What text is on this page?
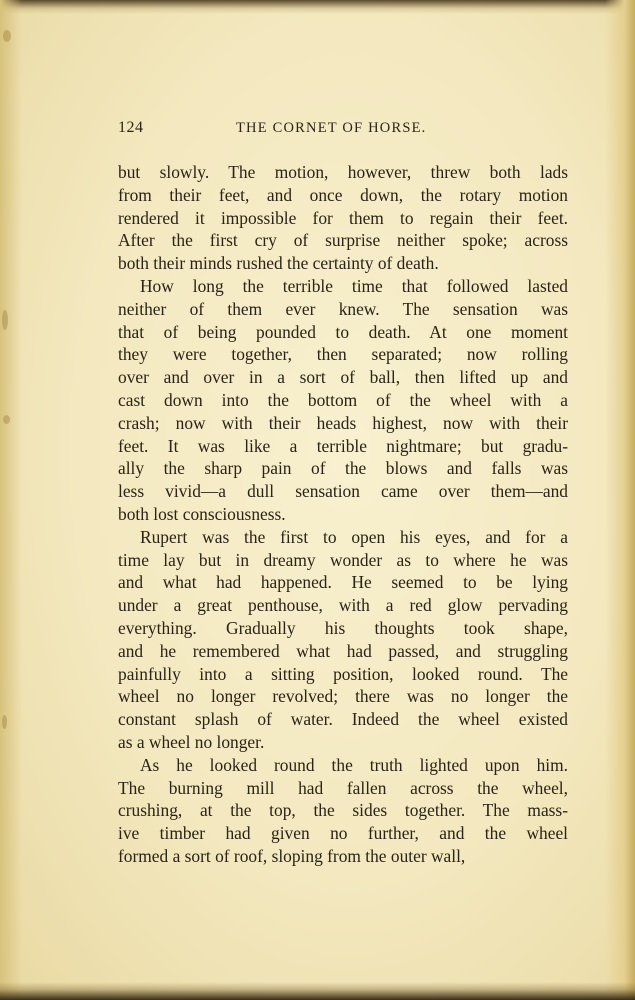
124	THE CORNET OF HORSE.
but slowly. The motion, however, threw both lads
from their feet, and once down, the rotary motion
rendered it impossible for them to regain their feet.
After the first cry of surprise neither spoke; across
both their minds rushed the certainty of death.
How long the terrible time that followed lasted
neither of them ever knew. The sensation was
that of being pounded to death. At one moment
they were together, then separated; now rolling
over and over in a sort of ball, then lifted up and
cast down into the bottom of the wheel with a
crash; now with their heads highest, now with their
feet. It was like a terrible nightmare; but gradu-
ally the sharp pain of the blows and falls was
less vivid—a dull sensation came over them—and
both lost consciousness.
Rupert was the first to open his eyes, and for a
time lay but in dreamy wonder as to where he was
and what had happened. He seemed to be lying
under a great penthouse, with a red glow pervading
everything. Gradually his thoughts took shape,
and he remembered what had passed, and struggling
painfully into a sitting position, looked round. The
wheel no longer revolved; there was no longer the
constant splash of water. Indeed the wheel existed
as a wheel no longer.
As he looked round the truth lighted upon him.
The burning mill had fallen across the wheel,
crushing, at the top, the sides together. The mass-
ive timber had given no further, and the wheel
formed a sort of roof, sloping from the outer wall,
